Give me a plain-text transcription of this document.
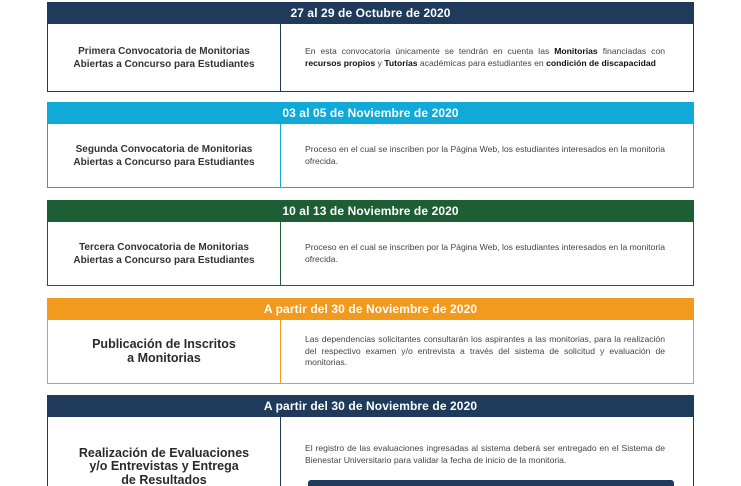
27 al 29 de Octubre de 2020
Primera Convocatoria de Monitorias Abiertas a Concurso para Estudiantes

En esta convocatoria únicamente se tendrán en cuenta las Monitorias financiadas con recursos propios y Tutorías académicas para estudiantes en condición de discapacidad

03 al 05 de Noviembre de 2020
Segunda Convocatoria de Monitorias Abiertas a Concurso para Estudiantes

Proceso en el cual se inscriben por la Página Web, los estudiantes interesados en la monitoria ofrecida.

10 al 13 de Noviembre de 2020
Tercera Convocatoria de Monitorias Abiertas a Concurso para Estudiantes

Proceso en el cual se inscriben por la Página Web, los estudiantes interesados en la monitoria ofrecida.

A partir del 30 de Noviembre de 2020
Publicación de Inscritos
a Monitorias

Las dependencias solicitantes consultarán los aspirantes a las monitorias, para la realización del respectivo examen y/o entrevista a través del sistema de solicitud y evaluación de monitorias.

A partir del 30 de Noviembre de 2020
Realización de Evaluaciones
y/o Entrevistas y Entrega
de Resultados

El registro de las evaluaciones ingresadas al sistema deberá ser entregado en el Sistema de Bienestar Universitario para validar la fecha de inicio de la monitoria.
